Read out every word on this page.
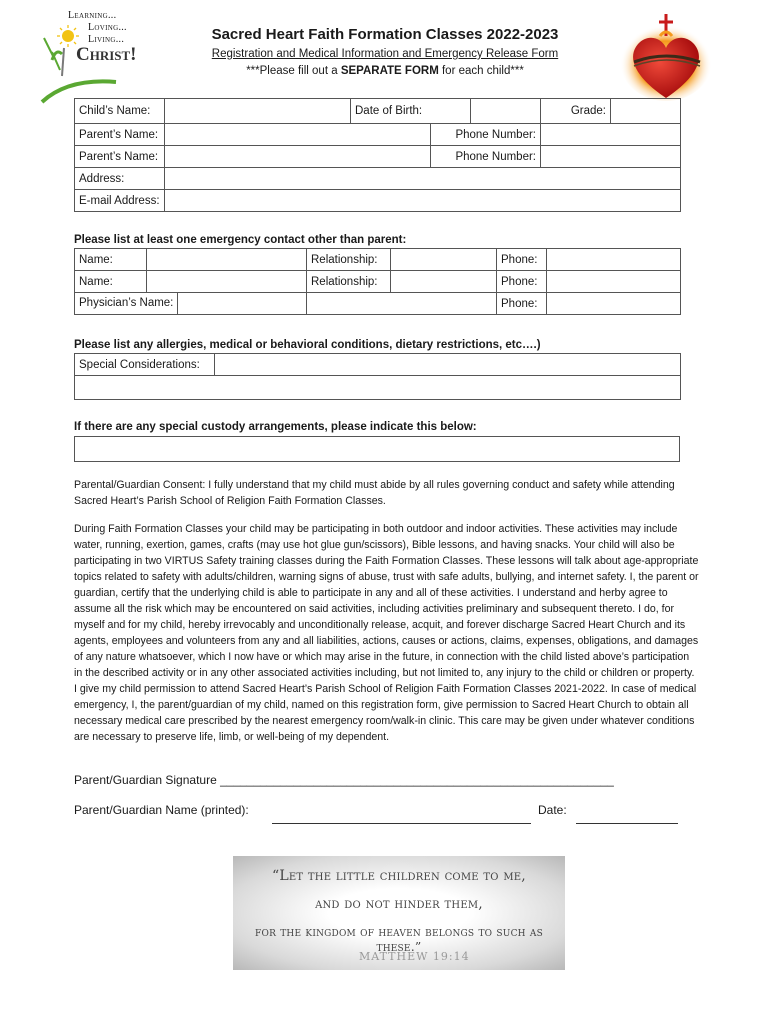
Learning...
Loving...
Living...
Christ!
Sacred Heart Faith Formation Classes 2022-2023
Registration and Medical Information and Emergency Release Form
***Please fill out a SEPARATE FORM for each child***
Child’s Name:		Date of Birth:			Grade:	
Parent’s Name:			Phone Number:			
Parent’s Name:			Phone Number:			
Address:						
E-mail Address:						
Please list at least one emergency contact other than parent:
Name:		Relationship:		Phone:	
Name:		Relationship:		Phone:	

Physician’s Name:				Phone:	
Please list any allergies, medical or behavioral conditions, dietary restrictions, etc….)
Special Considerations:	

If there are any special custody arrangements, please indicate this below:
Parental/Guardian Consent: I fully understand that my child must abide by all rules governing conduct and safety while attending Sacred Heart’s Parish School of Religion Faith Formation Classes.
During Faith Formation Classes your child may be participating in both outdoor and indoor activities. These activities may include water, running, exertion, games, crafts (may use hot glue gun/scissors), Bible lessons, and having snacks. Your child will also be participating in two VIRTUS Safety training classes during the Faith Formation Classes. These lessons will talk about age-appropriate topics related to safety with adults/children, warning signs of abuse, trust with safe adults, bullying, and internet safety. I, the parent or guardian, certify that the underlying child is able to participate in any and all of these activities. I understand and herby agree to assume all the risk which may be encountered on said activities, including activities preliminary and subsequent thereto. I do, for myself and for my child, hereby irrevocably and unconditionally release, acquit, and forever discharge Sacred Heart Church and its agents, employees and volunteers from any and all liabilities, actions, causes or actions, claims, expenses, obligations, and damages of any nature whatsoever, which I now have or which may arise in the future, in connection with the child listed above’s participation in the described activity or in any other associated activities including, but not limited to, any injury to the child or children or property. I give my child permission to attend Sacred Heart’s Parish School of Religion Faith Formation Classes 2021-2022. In case of medical emergency, I, the parent/guardian of my child, named on this registration form, give permission to Sacred Heart Church to obtain all necessary medical care prescribed by the nearest emergency room/walk-in clinic. This care may be given under whatever conditions are necessary to preserve life, limb, or well-being of my dependent.
Parent/Guardian Signature ___________________________________________________________
Parent/Guardian Name (printed):	Date:
“Let the little children come to me,
and do not hinder them,
for the kingdom of heaven belongs to such as these.”
MATTHEW 19:14
